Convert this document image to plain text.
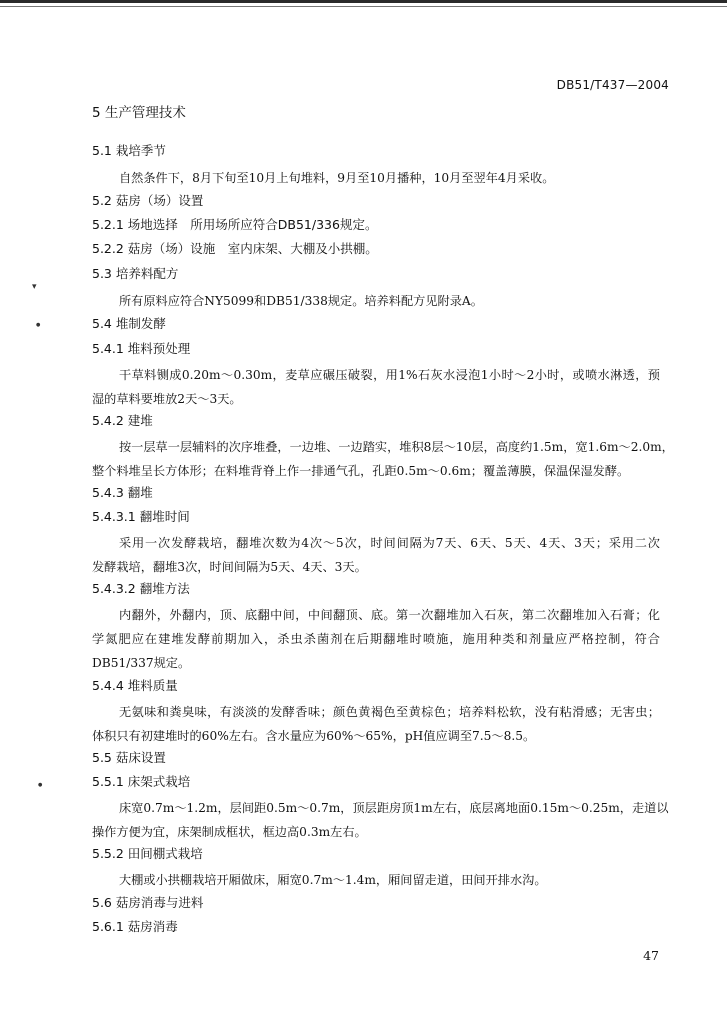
DB51/T437—2004
▾
●
●
5 生产管理技术
5.1 栽培季节
自然条件下，8月下旬至10月上旬堆料，9月至10月播种，10月至翌年4月采收。
5.2 菇房（场）设置
5.2.1 场地选择　所用场所应符合DB51/336规定。
5.2.2 菇房（场）设施　室内床架、大棚及小拱棚。
5.3 培养料配方
所有原料应符合NY5099和DB51/338规定。培养料配方见附录A。
5.4 堆制发酵
5.4.1 堆料预处理
干草料铡成0.20m～0.30m，麦草应碾压破裂，用1%石灰水浸泡1小时～2小时，或喷水淋透，预
湿的草料要堆放2天～3天。
5.4.2 建堆
按一层草一层辅料的次序堆叠，一边堆、一边踏实，堆积8层～10层，高度约1.5m，宽1.6m～2.0m，
整个料堆呈长方体形；在料堆背脊上作一排通气孔，孔距0.5m～0.6m；覆盖薄膜，保温保湿发酵。
5.4.3 翻堆
5.4.3.1 翻堆时间
采用一次发酵栽培，翻堆次数为4次～5次，时间间隔为7天、6天、5天、4天、3天；采用二次
发酵栽培，翻堆3次，时间间隔为5天、4天、3天。
5.4.3.2 翻堆方法
内翻外，外翻内，顶、底翻中间，中间翻顶、底。第一次翻堆加入石灰，第二次翻堆加入石膏；化
学氮肥应在建堆发酵前期加入，杀虫杀菌剂在后期翻堆时喷施，施用种类和剂量应严格控制，符合
DB51/337规定。
5.4.4 堆料质量
无氨味和粪臭味，有淡淡的发酵香味；颜色黄褐色至黄棕色；培养料松软，没有粘滑感；无害虫；
体积只有初建堆时的60%左右。含水量应为60%～65%，pH值应调至7.5～8.5。
5.5 菇床设置
5.5.1 床架式栽培
床宽0.7m～1.2m，层间距0.5m～0.7m，顶层距房顶1m左右，底层离地面0.15m～0.25m，走道以
操作方便为宜，床架制成框状，框边高0.3m左右。
5.5.2 田间棚式栽培
大棚或小拱棚栽培开厢做床，厢宽0.7m～1.4m，厢间留走道，田间开排水沟。
5.6 菇房消毒与进料
5.6.1 菇房消毒
47
